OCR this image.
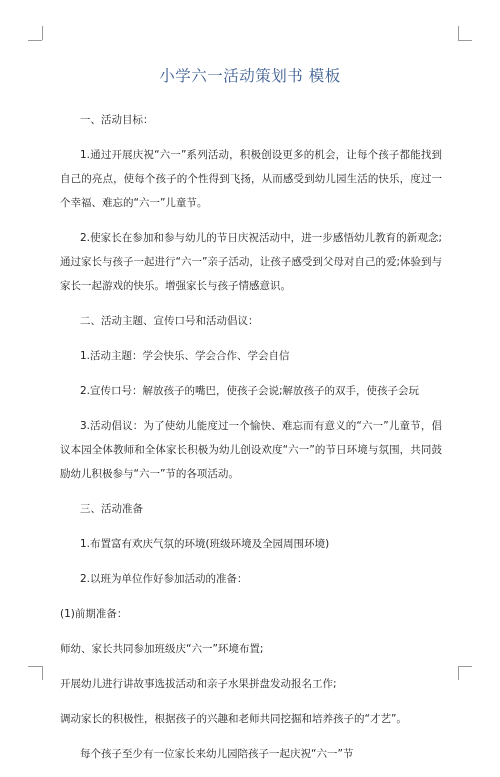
小学六一活动策划书 模板

一、活动目标：

1.通过开展庆祝“六一”系列活动，积极创设更多的机会，让每个孩子都能找到自己的亮点，使每个孩子的个性得到飞扬，从而感受到幼儿园生活的快乐，度过一个幸福、难忘的“六一”儿童节。

2.使家长在参加和参与幼儿的节日庆祝活动中，进一步感悟幼儿教育的新观念;通过家长与孩子一起进行“六一”亲子活动，让孩子感受到父母对自己的爱;体验到与家长一起游戏的快乐。增强家长与孩子情感意识。

二、活动主题、宣传口号和活动倡议：

1.活动主题：学会快乐、学会合作、学会自信

2.宣传口号：解放孩子的嘴巴，使孩子会说;解放孩子的双手，使孩子会玩

3.活动倡议：为了使幼儿能度过一个愉快、难忘而有意义的“六一”儿童节，倡议本园全体教师和全体家长积极为幼儿创设欢度“六一”的节日环境与氛围，共同鼓励幼儿积极参与“六一”节的各项活动。

三、活动准备

1.布置富有欢庆气氛的环境(班级环境及全园周围环境)

2.以班为单位作好参加活动的准备：

(1)前期准备：

师幼、家长共同参加班级庆“六一”环境布置;

开展幼儿进行讲故事选拔活动和亲子水果拼盘发动报名工作;

调动家长的积极性，根据孩子的兴趣和老师共同挖掘和培养孩子的“才艺”。

每个孩子至少有一位家长来幼儿园陪孩子一起庆祝“六一”节
